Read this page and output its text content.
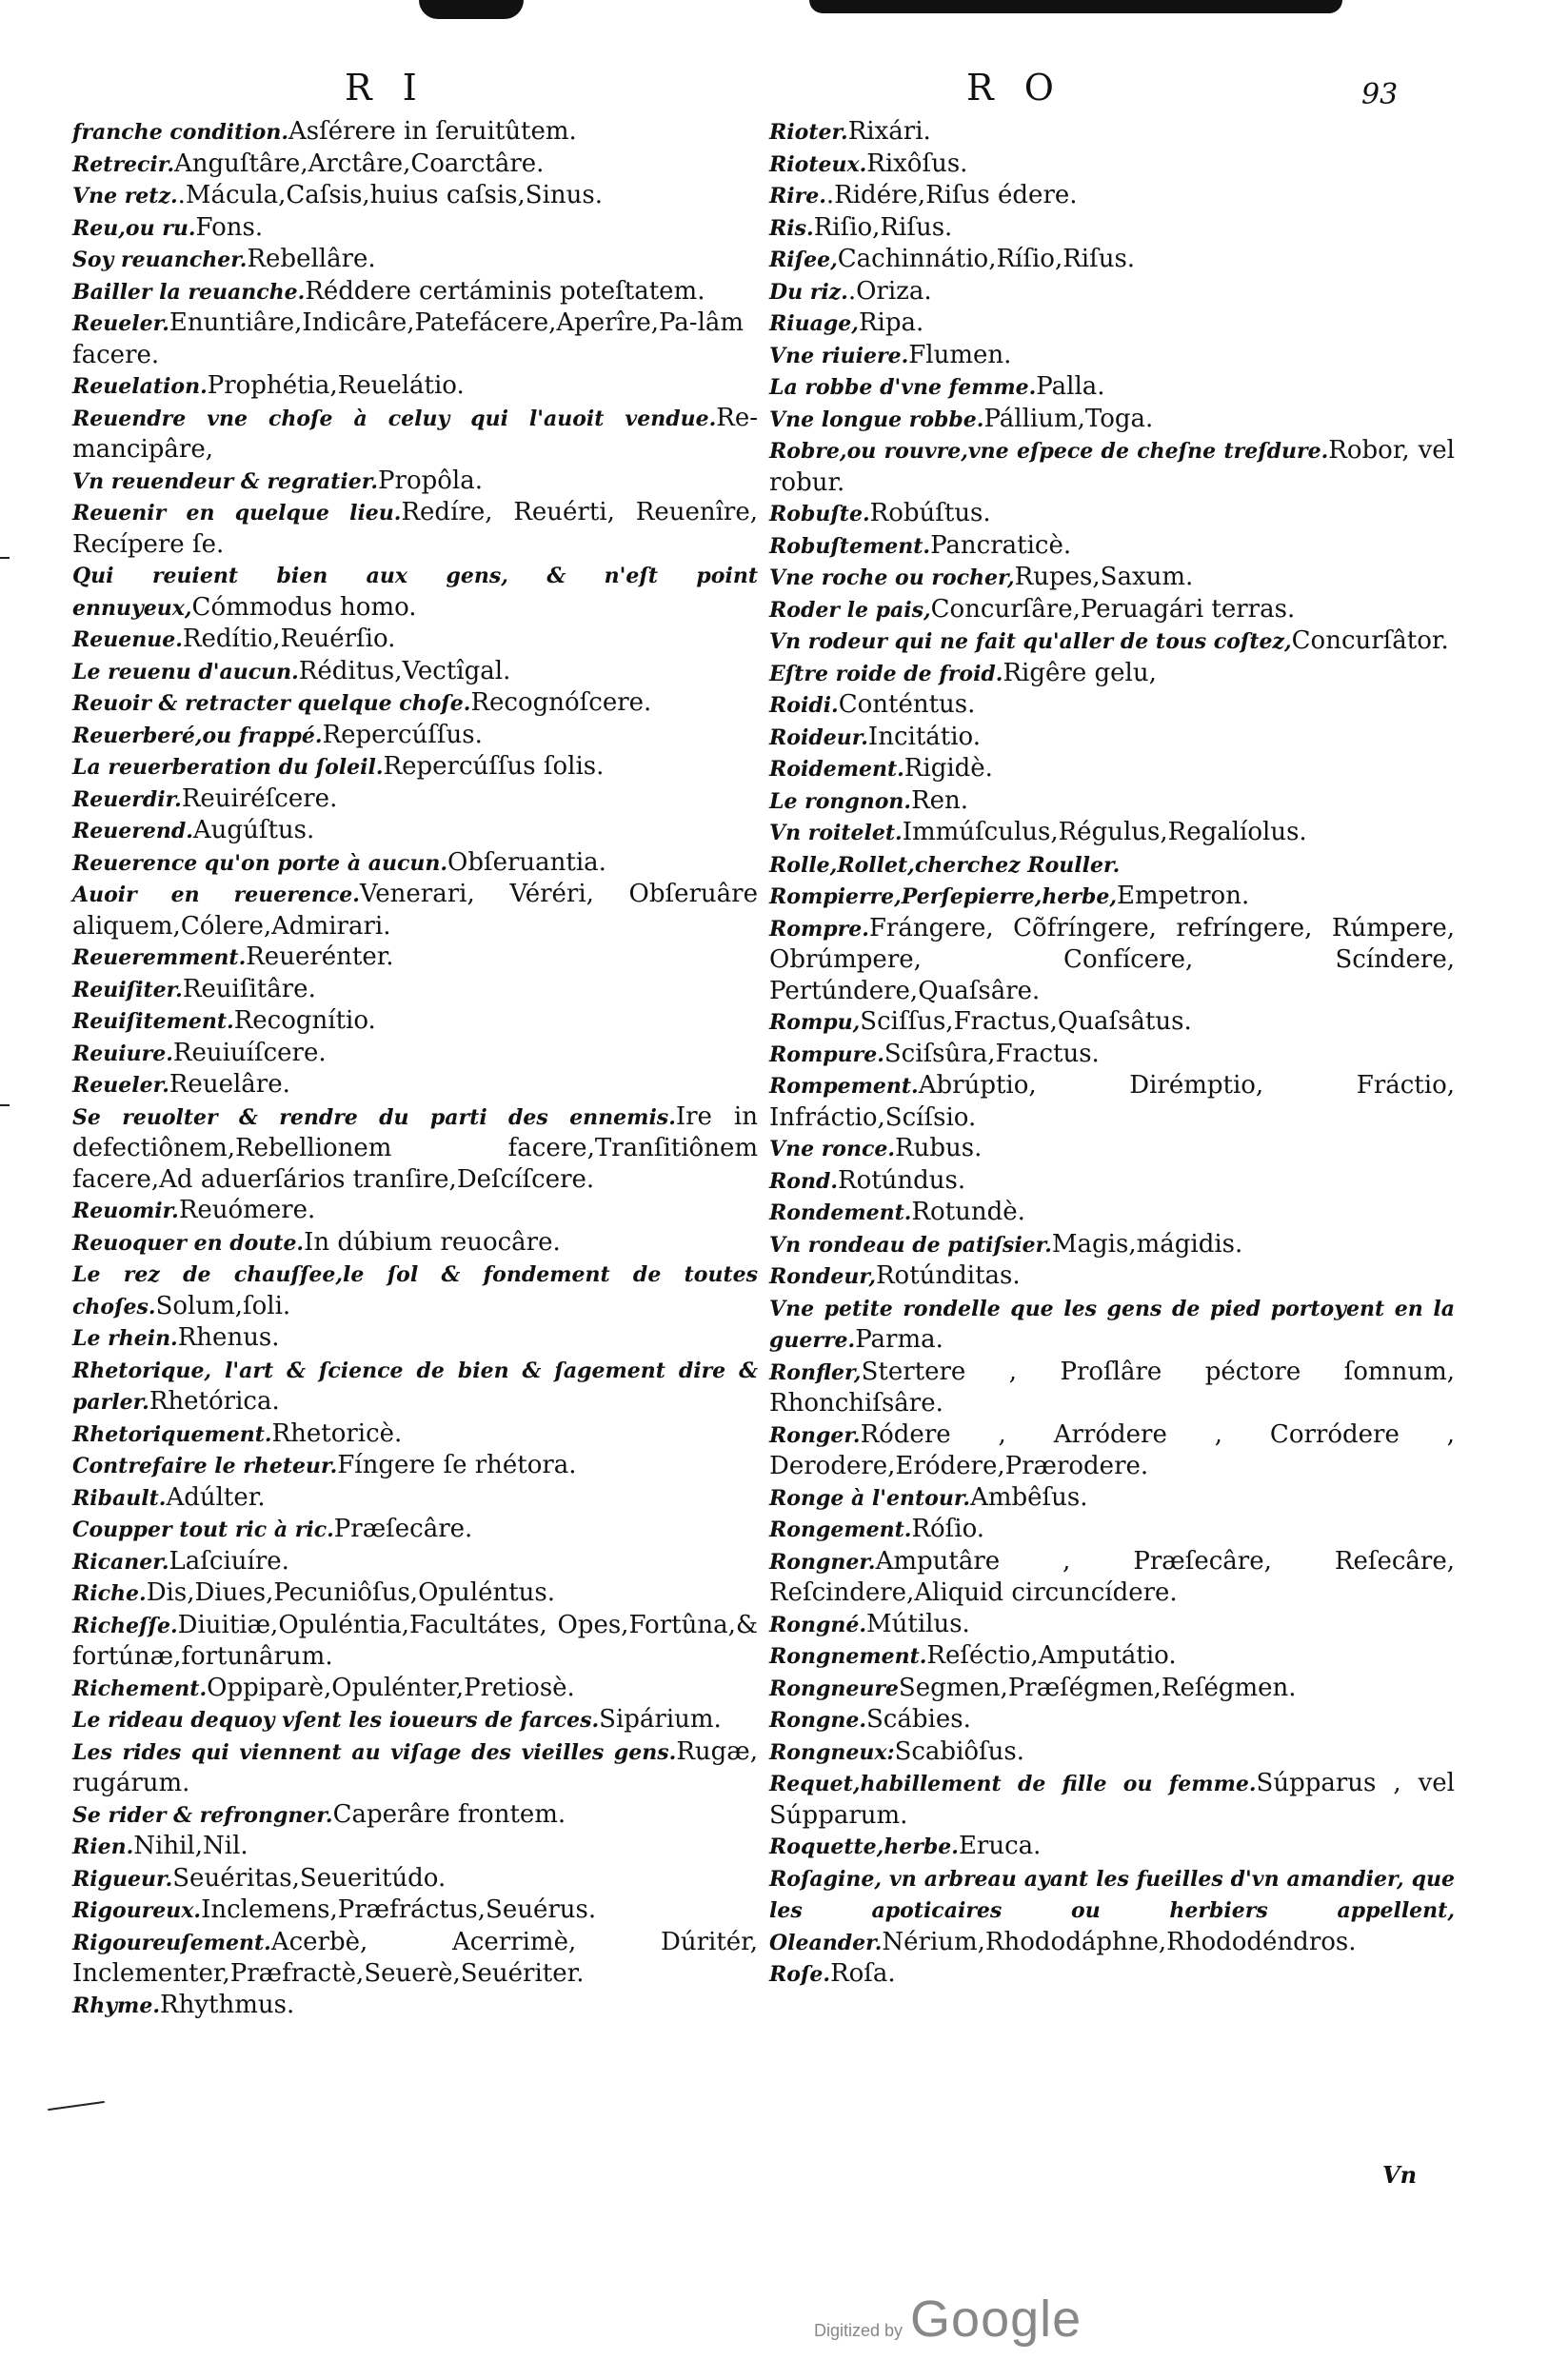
R I	R O	93

franche condition.Asſérere in ſeruitûtem.

Retrecir.Anguſtâre,Arctâre,Coarctâre.

Vne retz..Mácula,Caſsis,huius caſsis,Sinus.

Reu,ou ru.Fons.

Soy reuancher.Rebellâre.

Bailler la reuanche.Réddere certáminis poteſtatem.

Reueler.Enuntiâre,Indicâre,Patefácere,Aperîre,Pa-lâm facere.

Reuelation.Prophétia,Reuelátio.

Reuendre vne choſe à celuy qui l'auoit vendue.Re-mancipâre,

Vn reuendeur & regratier.Propôla.

Reuenir en quelque lieu.Redíre, Reuérti, Reuenîre, Recípere ſe.

Qui reuient bien aux gens, & n'eſt point ennuyeux,Cómmodus homo.

Reuenue.Redítio,Reuérſio.

Le reuenu d'aucun.Réditus,Vectîgal.

Reuoir & retracter quelque choſe.Recognóſcere.

Reuerberé,ou frappé.Repercúſſus.

La reuerberation du ſoleil.Repercúſſus ſolis.

Reuerdir.Reuiréſcere.

Reuerend.Augúſtus.

Reuerence qu'on porte à aucun.Obſeruantia.

Auoir en reuerence.Venerari, Véréri, Obſeruâre aliquem,Cólere,Admirari.

Reueremment.Reuerénter.

Reuiſiter.Reuiſitâre.

Reuiſitement.Recognítio.

Reuiure.Reuiuíſcere.

Reueler.Reuelâre.

Se reuolter & rendre du parti des ennemis.Ire in defectiônem,Rebellionem facere,Tranſitiônem facere,Ad aduerſários tranſire,Deſcíſcere.

Reuomir.Reuómere.

Reuoquer en doute.In dúbium reuocâre.

Le rez de chauſſee,le ſol & fondement de toutes choſes.Solum,ſoli.

Le rhein.Rhenus.

Rhetorique, l'art & ſcience de bien & ſagement dire & parler.Rhetórica.

Rhetoriquement.Rhetoricè.

Contrefaire le rheteur.Fíngere ſe rhétora.

Ribault.Adúlter.

Coupper tout ric à ric.Præſecâre.

Ricaner.Laſciuíre.

Riche.Dis,Diues,Pecuniôſus,Opuléntus.

Richeſſe.Diuitiæ,Opuléntia,Facultátes, Opes,Fortûna,& fortúnæ,fortunârum.

Richement.Oppiparè,Opulénter,Pretiosè.

Le rideau dequoy vſent les ioueurs de farces.Sipárium.

Les rides qui viennent au viſage des vieilles gens.Rugæ, rugárum.

Se rider & refrongner.Caperâre frontem.

Rien.Nihil,Nil.

Rigueur.Seuéritas,Seueritúdo.

Rigoureux.Inclemens,Præfráctus,Seuérus.

Rigoureuſement.Acerbè, Acerrimè, Dúritér, Inclementer,Præfractè,Seuerè,Seuériter.

Rhyme.Rhythmus.

Rioter.Rixári.

Rioteux.Rixôſus.

Rire..Ridére,Riſus édere.

Ris.Riſio,Riſus.

Riſee,Cachinnátio,Ríſio,Riſus.

Du riz..Oriza.

Riuage,Ripa.

Vne riuiere.Flumen.

La robbe d'vne femme.Palla.

Vne longue robbe.Pállium,Toga.

Robre,ou rouvre,vne eſpece de cheſne treſdure.Robor, vel robur.

Robuſte.Robúſtus.

Robuſtement.Pancraticè.

Vne roche ou rocher,Rupes,Saxum.

Roder le pais,Concurſâre,Peruagári terras.

Vn rodeur qui ne fait qu'aller de tous coſtez,Concurſâtor.

Eſtre roide de froid.Rigêre gelu,

Roidi.Conténtus.

Roideur.Incitátio.

Roidement.Rigidè.

Le rongnon.Ren.

Vn roitelet.Immúſculus,Régulus,Regalíolus.

Rolle,Rollet,cherchez Rouller.

Rompierre,Perſepierre,herbe,Empetron.

Rompre.Frángere, Cõfríngere, refríngere, Rúmpere, Obrúmpere, Confícere, Scíndere, Pertúndere,Quaſsâre.

Rompu,Sciſſus,Fractus,Quaſsâtus.

Rompure.Sciſsûra,Fractus.

Rompement.Abrúptio, Dirémptio, Fráctio, Infráctio,Scíſsio.

Vne ronce.Rubus.

Rond.Rotúndus.

Rondement.Rotundè.

Vn rondeau de patiſsier.Magis,mágidis.

Rondeur,Rotúnditas.

Vne petite rondelle que les gens de pied portoyent en la guerre.Parma.

Ronfler,Stertere , Proſlâre péctore ſomnum, Rhonchiſsâre.

Ronger.Ródere , Arródere , Corródere , Derodere,Eródere,Prærodere.

Ronge à l'entour.Ambêſus.

Rongement.Róſio.

Rongner.Amputâre , Præſecâre, Reſecâre, Reſcindere,Aliquid circuncídere.

Rongné.Mútilus.

Rongnement.Reſéctio,Amputátio.

RongneureSegmen,Præſégmen,Reſégmen.

Rongne.Scábies.

Rongneux:Scabiôſus.

Requet,habillement de fille ou femme.Súpparus , vel Súpparum.

Roquette,herbe.Eruca.

Roſagine, vn arbreau ayant les fueilles d'vn amandier, que les apoticaires ou herbiers appellent, Oleander.Nérium,Rhododáphne,Rhododéndros.

Roſe.Roſa.

Vn
Digitized by Google
